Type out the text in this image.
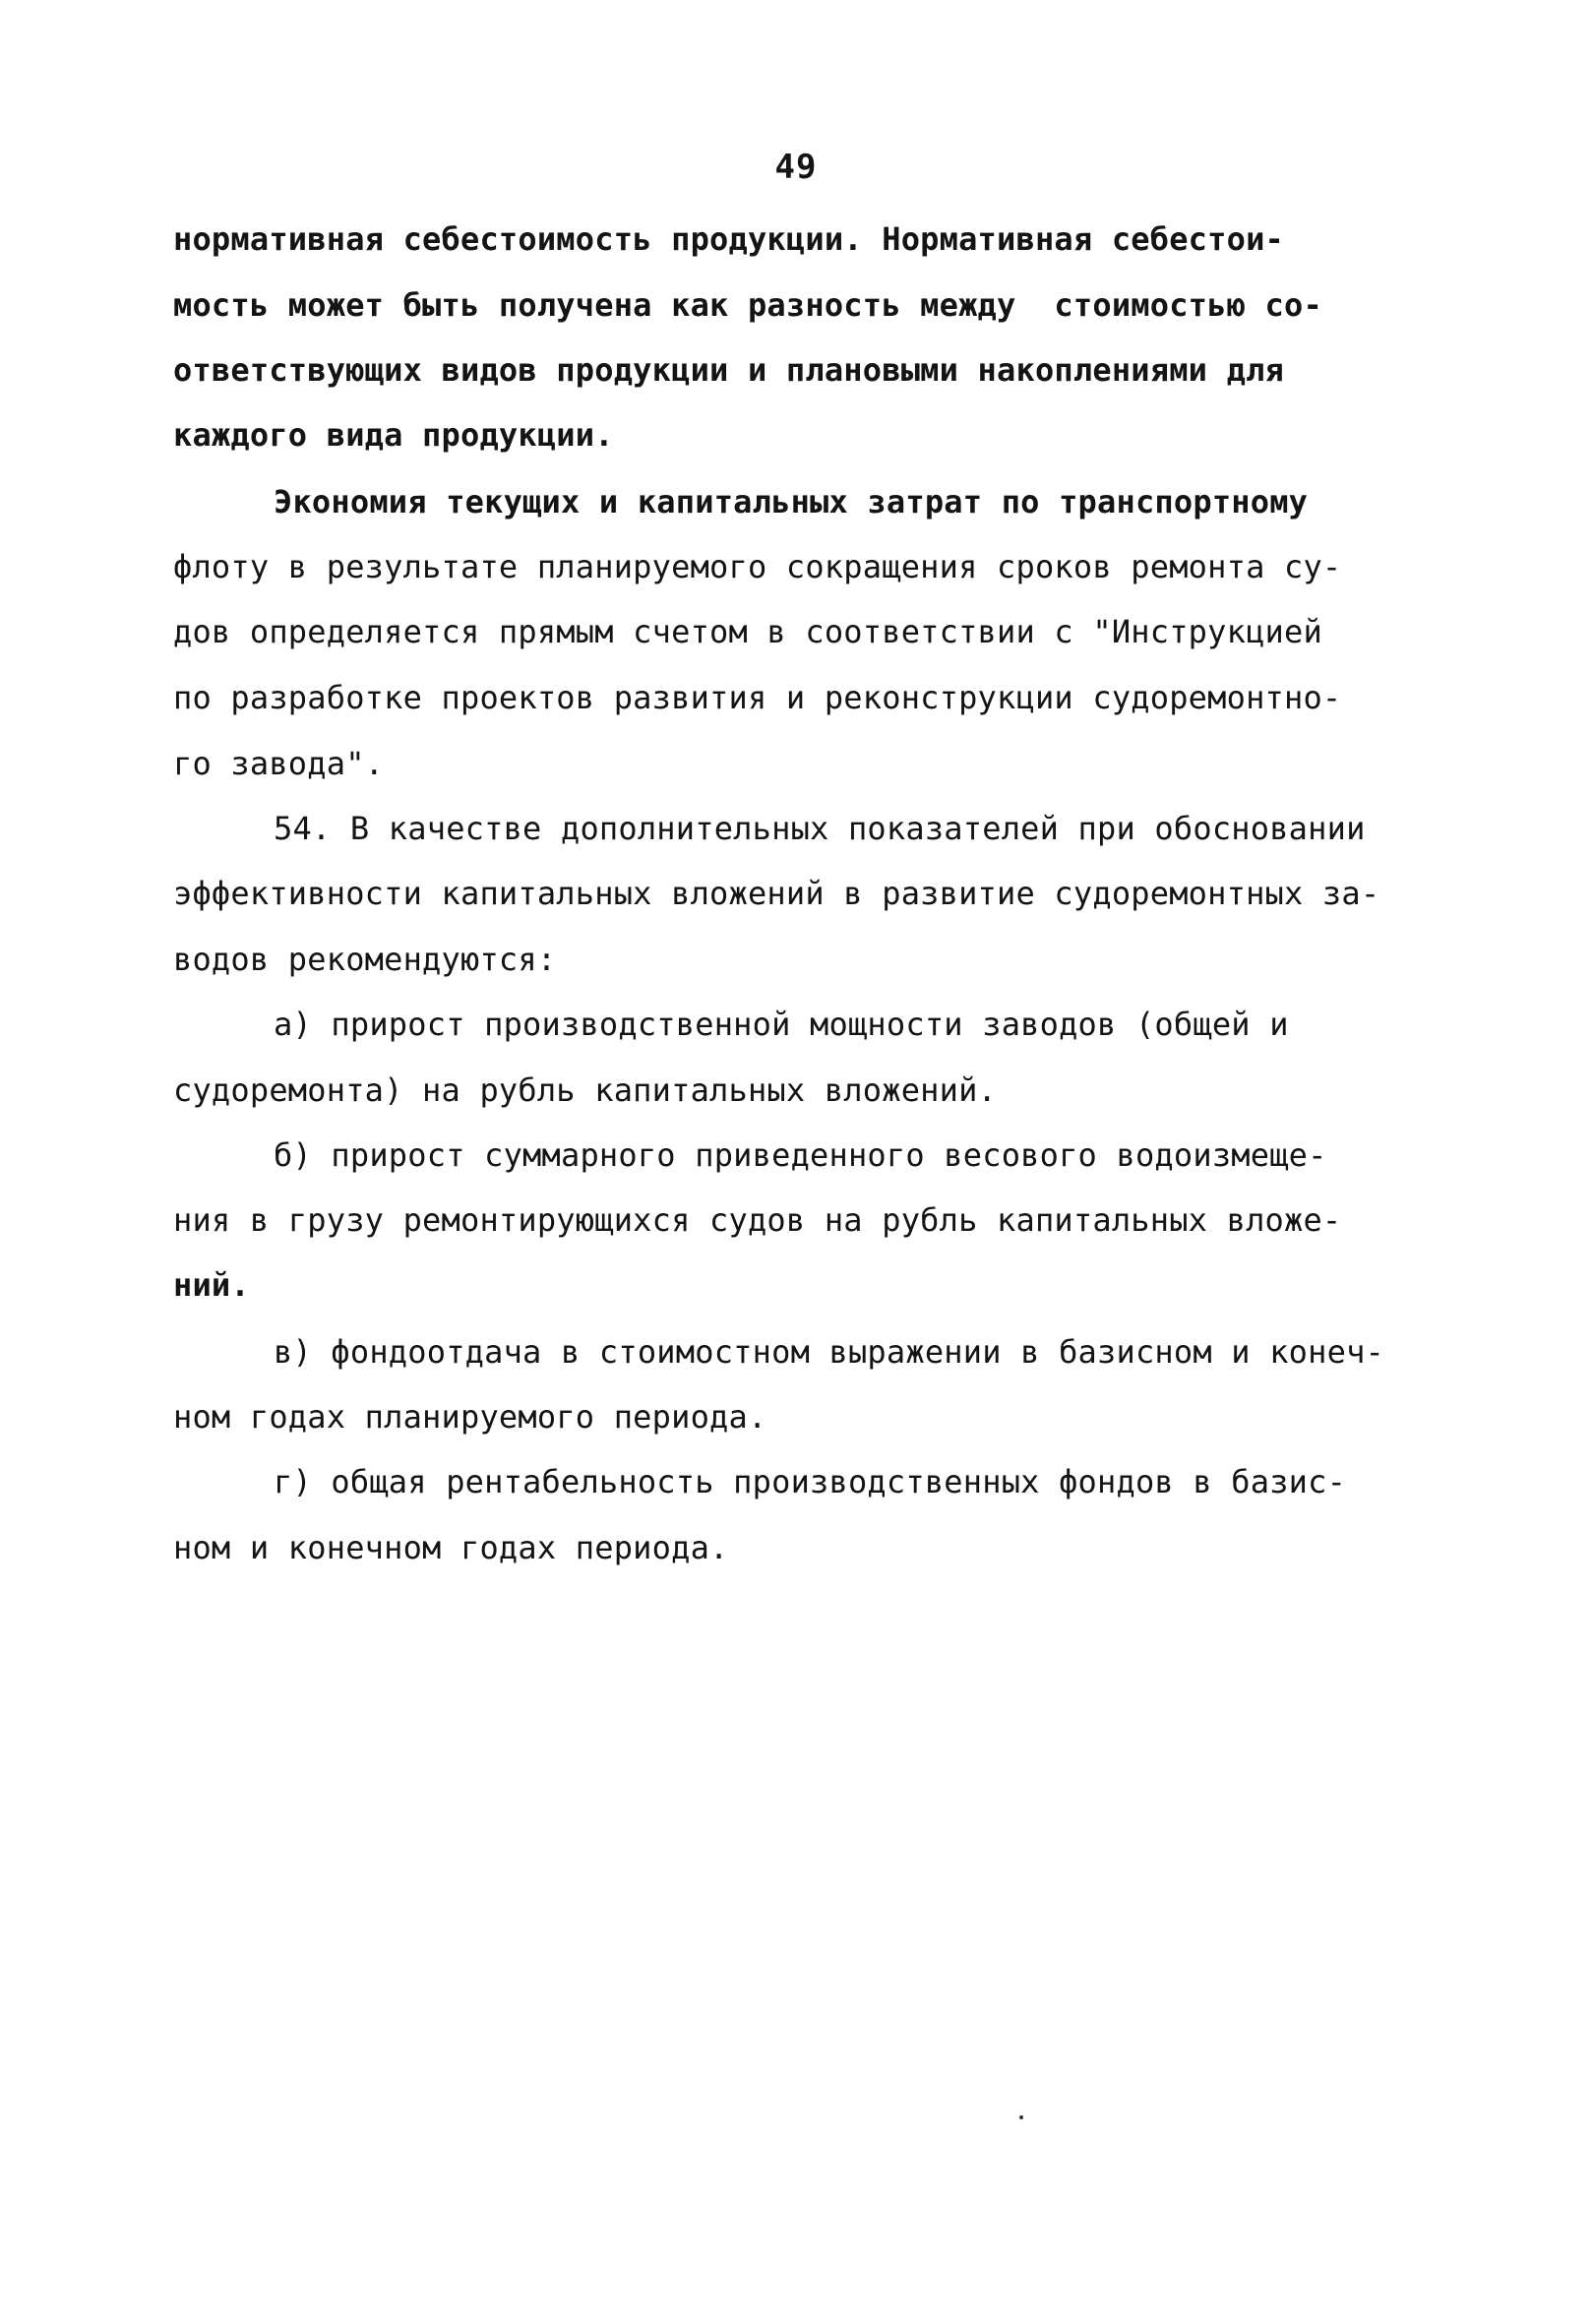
49
нормативная себестоимость продукции. Нормативная себестои-
мость может быть получена как разность между  стоимостью со-
ответствующих видов продукции и плановыми накоплениями для
каждого вида продукции.
Экономия текущих и капитальных затрат по транспортному
флоту в результате планируемого сокращения сроков ремонта су-
дов определяется прямым счетом в соответствии с "Инструкцией
по разработке проектов развития и реконструкции судоремонтно-
го завода".
54. В качестве дополнительных показателей при обосновании
эффективности капитальных вложений в развитие судоремонтных за-
водов рекомендуются:
а) прирост производственной мощности заводов (общей и
судоремонта) на рубль капитальных вложений.
б) прирост суммарного приведенного весового водоизмеще-
ния в грузу ремонтирующихся судов на рубль капитальных вложе-
ний.
в) фондоотдача в стоимостном выражении в базисном и конеч-
ном годах планируемого периода.
г) общая рентабельность производственных фондов в базис-
ном и конечном годах периода.
